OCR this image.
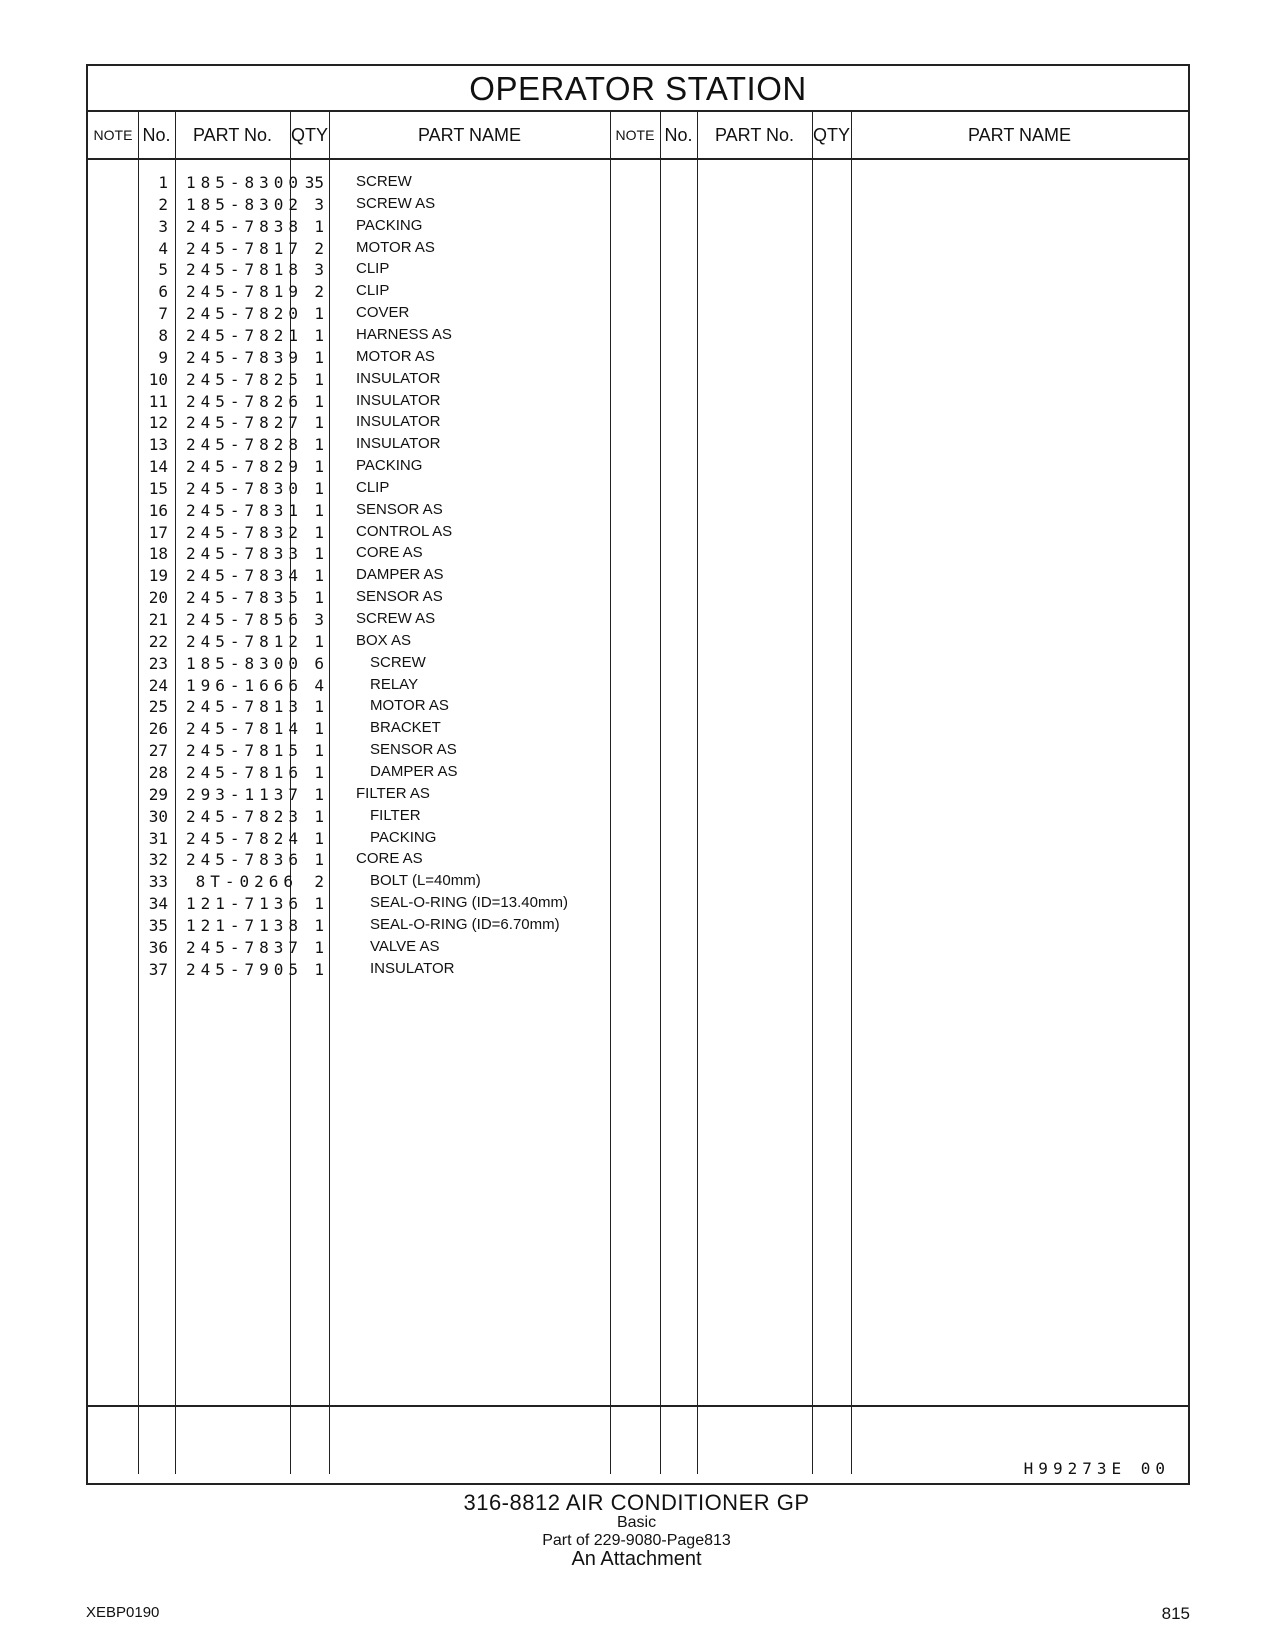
OPERATOR STATION
NOTE No.	PART No.	QTY	PART NAME	NOTE No.	PART No.	QTY	PART NAME
1 185-8300 35 SCREW
2 185-8302 3 SCREW AS
3 245-7838 1 PACKING
4 245-7817 2 MOTOR AS
5 245-7818 3 CLIP
6 245-7819 2 CLIP
7 245-7820 1 COVER
8 245-7821 1 HARNESS AS
9 245-7839 1 MOTOR AS
10 245-7825 1 INSULATOR
11 245-7826 1 INSULATOR
12 245-7827 1 INSULATOR
13 245-7828 1 INSULATOR
14 245-7829 1 PACKING
15 245-7830 1 CLIP
16 245-7831 1 SENSOR AS
17 245-7832 1 CONTROL AS
18 245-7833 1 CORE AS
19 245-7834 1 DAMPER AS
20 245-7835 1 SENSOR AS
21 245-7856 3 SCREW AS
22 245-7812 1 BOX AS
23 185-8300 6	SCREW
24 196-1666 4	RELAY
25 245-7813 1	MOTOR AS
26 245-7814 1	BRACKET
27 245-7815 1	SENSOR AS
28 245-7816 1	DAMPER AS
29 293-1137 1 FILTER AS
30 245-7823 1	FILTER
31 245-7824 1	PACKING
32 245-7836 1 CORE AS
33	8T-0266	2	BOLT (L=40mm)
34 121-7136 1	SEAL-O-RING (ID=13.40mm)
35 121-7138 1	SEAL-O-RING (ID=6.70mm)
36 245-7837 1	VALVE AS
37 245-7905 1	INSULATOR
H99273E 00
316-8812 AIR CONDITIONER GP
Basic
Part of 229-9080-Page813
An Attachment
XEBP0190	815
